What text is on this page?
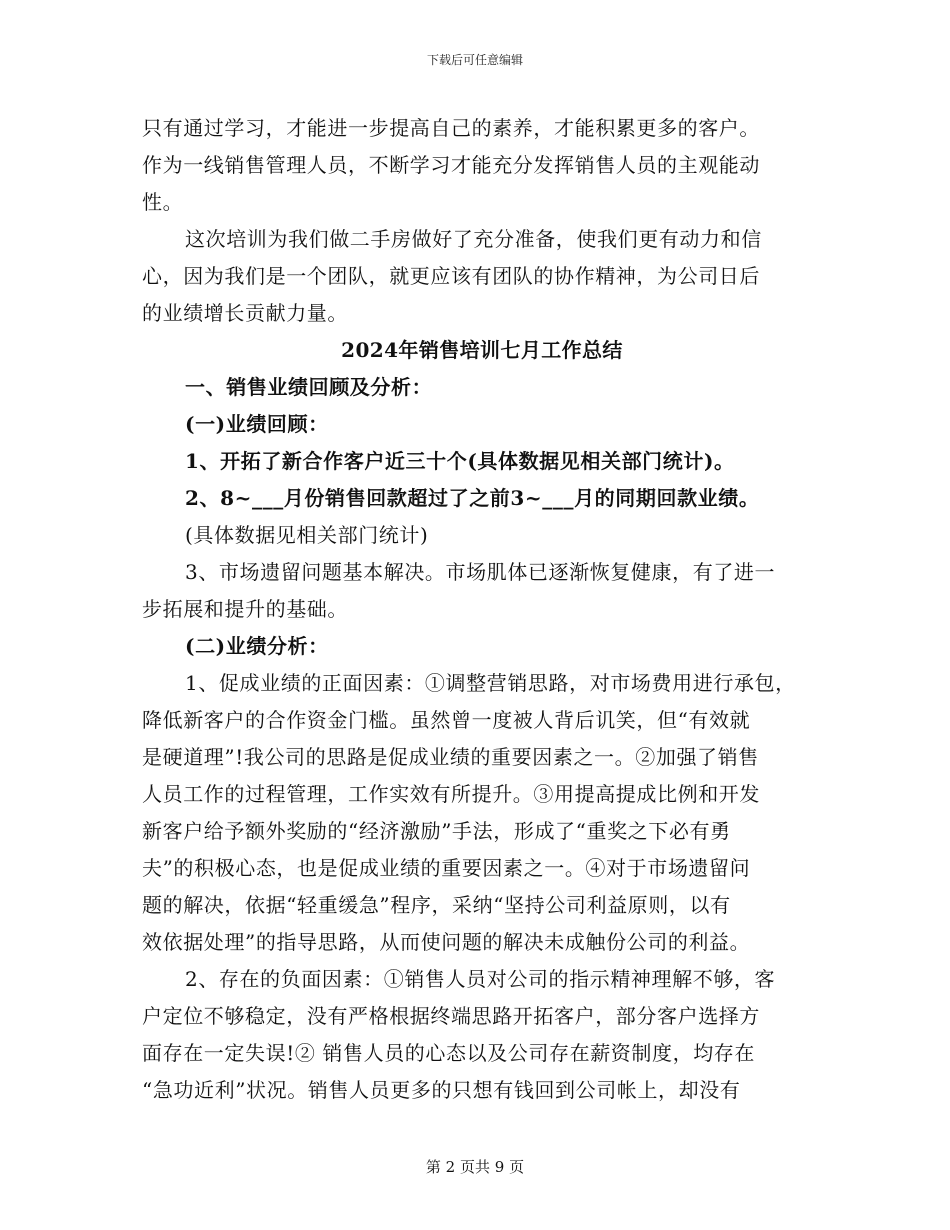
下载后可任意编辑
只有通过学习，才能进一步提高自己的素养，才能积累更多的客户。
作为一线销售管理人员，不断学习才能充分发挥销售人员的主观能动
性。
这次培训为我们做二手房做好了充分准备，使我们更有动力和信
心，因为我们是一个团队，就更应该有团队的协作精神，为公司日后
的业绩增长贡献力量。
2024年销售培训七月工作总结
一、销售业绩回顾及分析：
(一)业绩回顾：
1、开拓了新合作客户近三十个(具体数据见相关部门统计)。
2、8~___月份销售回款超过了之前3~___月的同期回款业绩。
(具体数据见相关部门统计)
3、市场遗留问题基本解决。市场肌体已逐渐恢复健康，有了进一
步拓展和提升的基础。
(二)业绩分析：
1、促成业绩的正面因素：①调整营销思路，对市场费用进行承包，
降低新客户的合作资金门槛。虽然曾一度被人背后讥笑，但“有效就
是硬道理”!我公司的思路是促成业绩的重要因素之一。②加强了销售
人员工作的过程管理，工作实效有所提升。③用提高提成比例和开发
新客户给予额外奖励的“经济激励”手法，形成了“重奖之下必有勇
夫”的积极心态，也是促成业绩的重要因素之一。④对于市场遗留问
题的解决，依据“轻重缓急”程序，采纳“坚持公司利益原则，以有
效依据处理”的指导思路，从而使问题的解决未成触份公司的利益。
2、存在的负面因素：①销售人员对公司的指示精神理解不够，客
户定位不够稳定，没有严格根据终端思路开拓客户，部分客户选择方
面存在一定失误!② 销售人员的心态以及公司存在薪资制度，均存在
“急功近利”状况。销售人员更多的只想有钱回到公司帐上，却没有
第 2 页共 9 页
